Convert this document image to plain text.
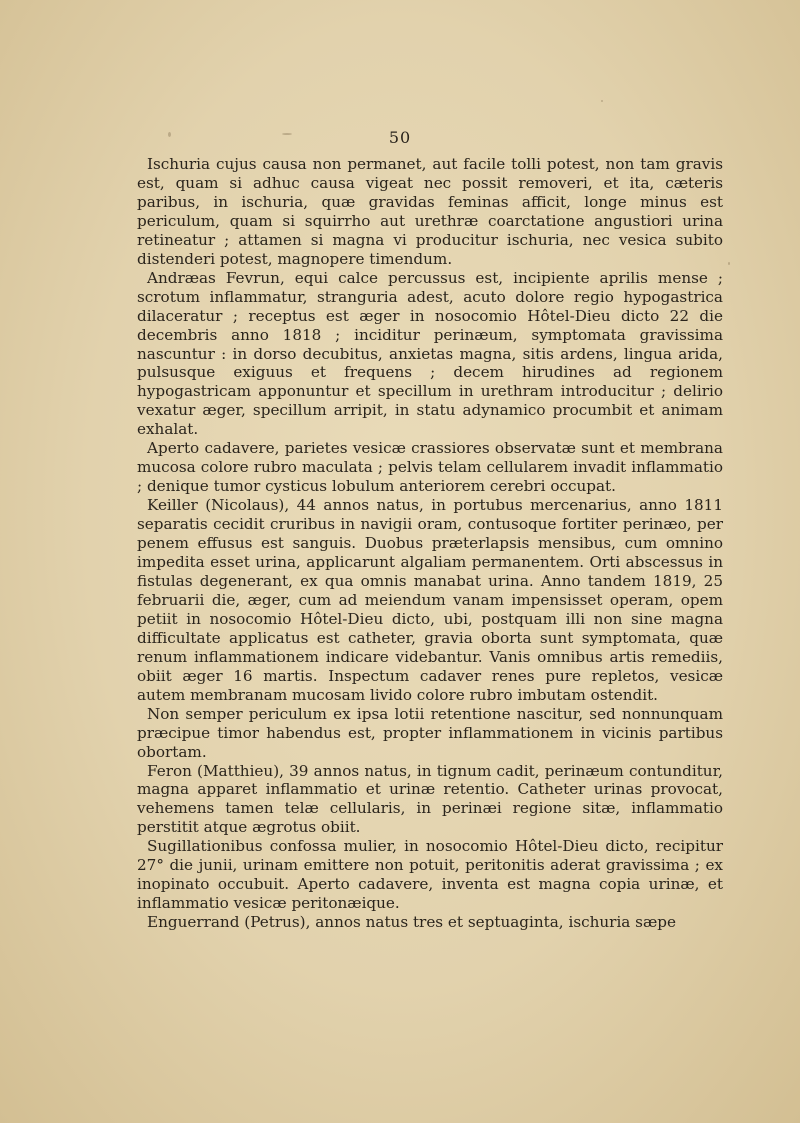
50

Ischuria cujus causa non permanet, aut facile tolli potest, non tam gravis est, quam si adhuc causa vigeat nec possit removeri, et ita, cæteris paribus, in ischuria, quæ gravidas feminas afficit, longe minus est periculum, quam si squirrho aut urethræ coarctatione angustiori urina retineatur ; attamen si magna vi producitur ischuria, nec vesica subito distenderi potest, magnopere timendum.

Andræas Fevrun, equi calce percussus est, incipiente aprilis mense ; scrotum inflammatur, stranguria adest, acuto dolore regio hypogastrica dilaceratur ; receptus est æger in nosocomio Hôtel-Dieu dicto 22 die decembris anno 1818 ; inciditur perinæum, symptomata gravissima nascuntur : in dorso decubitus, anxietas magna, sitis ardens, lingua arida, pulsusque exiguus et frequens ; decem hirudines ad regionem hypogastricam apponuntur et specillum in urethram introducitur ; delirio vexatur æger, specillum arripit, in statu adynamico procumbit et animam exhalat.

Aperto cadavere, parietes vesicæ crassiores observatæ sunt et membrana mucosa colore rubro maculata ; pelvis telam cellularem invadit inflammatio ; denique tumor cysticus lobulum anteriorem cerebri occupat.

Keiller (Nicolaus), 44 annos natus, in portubus mercenarius, anno 1811 separatis cecidit cruribus in navigii oram, contusoque fortiter perinæo, per penem effusus est sanguis. Duobus præterlapsis mensibus, cum omnino impedita esset urina, applicarunt algaliam permanentem. Orti abscessus in fistulas degenerant, ex qua omnis manabat urina. Anno tandem 1819, 25 februarii die, æger, cum ad meiendum vanam impensisset operam, opem petiit in nosocomio Hôtel-Dieu dicto, ubi, postquam illi non sine magna difficultate applicatus est catheter, gravia oborta sunt symptomata, quæ renum inflammationem indicare videbantur. Vanis omnibus artis remediis, obiit æger 16 martis. Inspectum cadaver renes pure repletos, vesicæ autem membranam mucosam livido colore rubro imbutam ostendit.

Non semper periculum ex ipsa lotii retentione nascitur, sed nonnunquam præcipue timor habendus est, propter inflammationem in vicinis partibus obortam.

Feron (Matthieu), 39 annos natus, in tignum cadit, perinæum contunditur, magna apparet inflammatio et urinæ retentio. Catheter urinas provocat, vehemens tamen telæ cellularis, in perinæi regione sitæ, inflammatio perstitit atque ægrotus obiit.

Sugillationibus confossa mulier, in nosocomio Hôtel-Dieu dicto, recipitur 27° die junii, urinam emittere non potuit, peritonitis aderat gravissima ; ex inopinato occubuit. Aperto cadavere, inventa est magna copia urinæ, et inflammatio vesicæ peritonæique.

Enguerrand (Petrus), annos natus tres et septuaginta, ischuria sæpe
